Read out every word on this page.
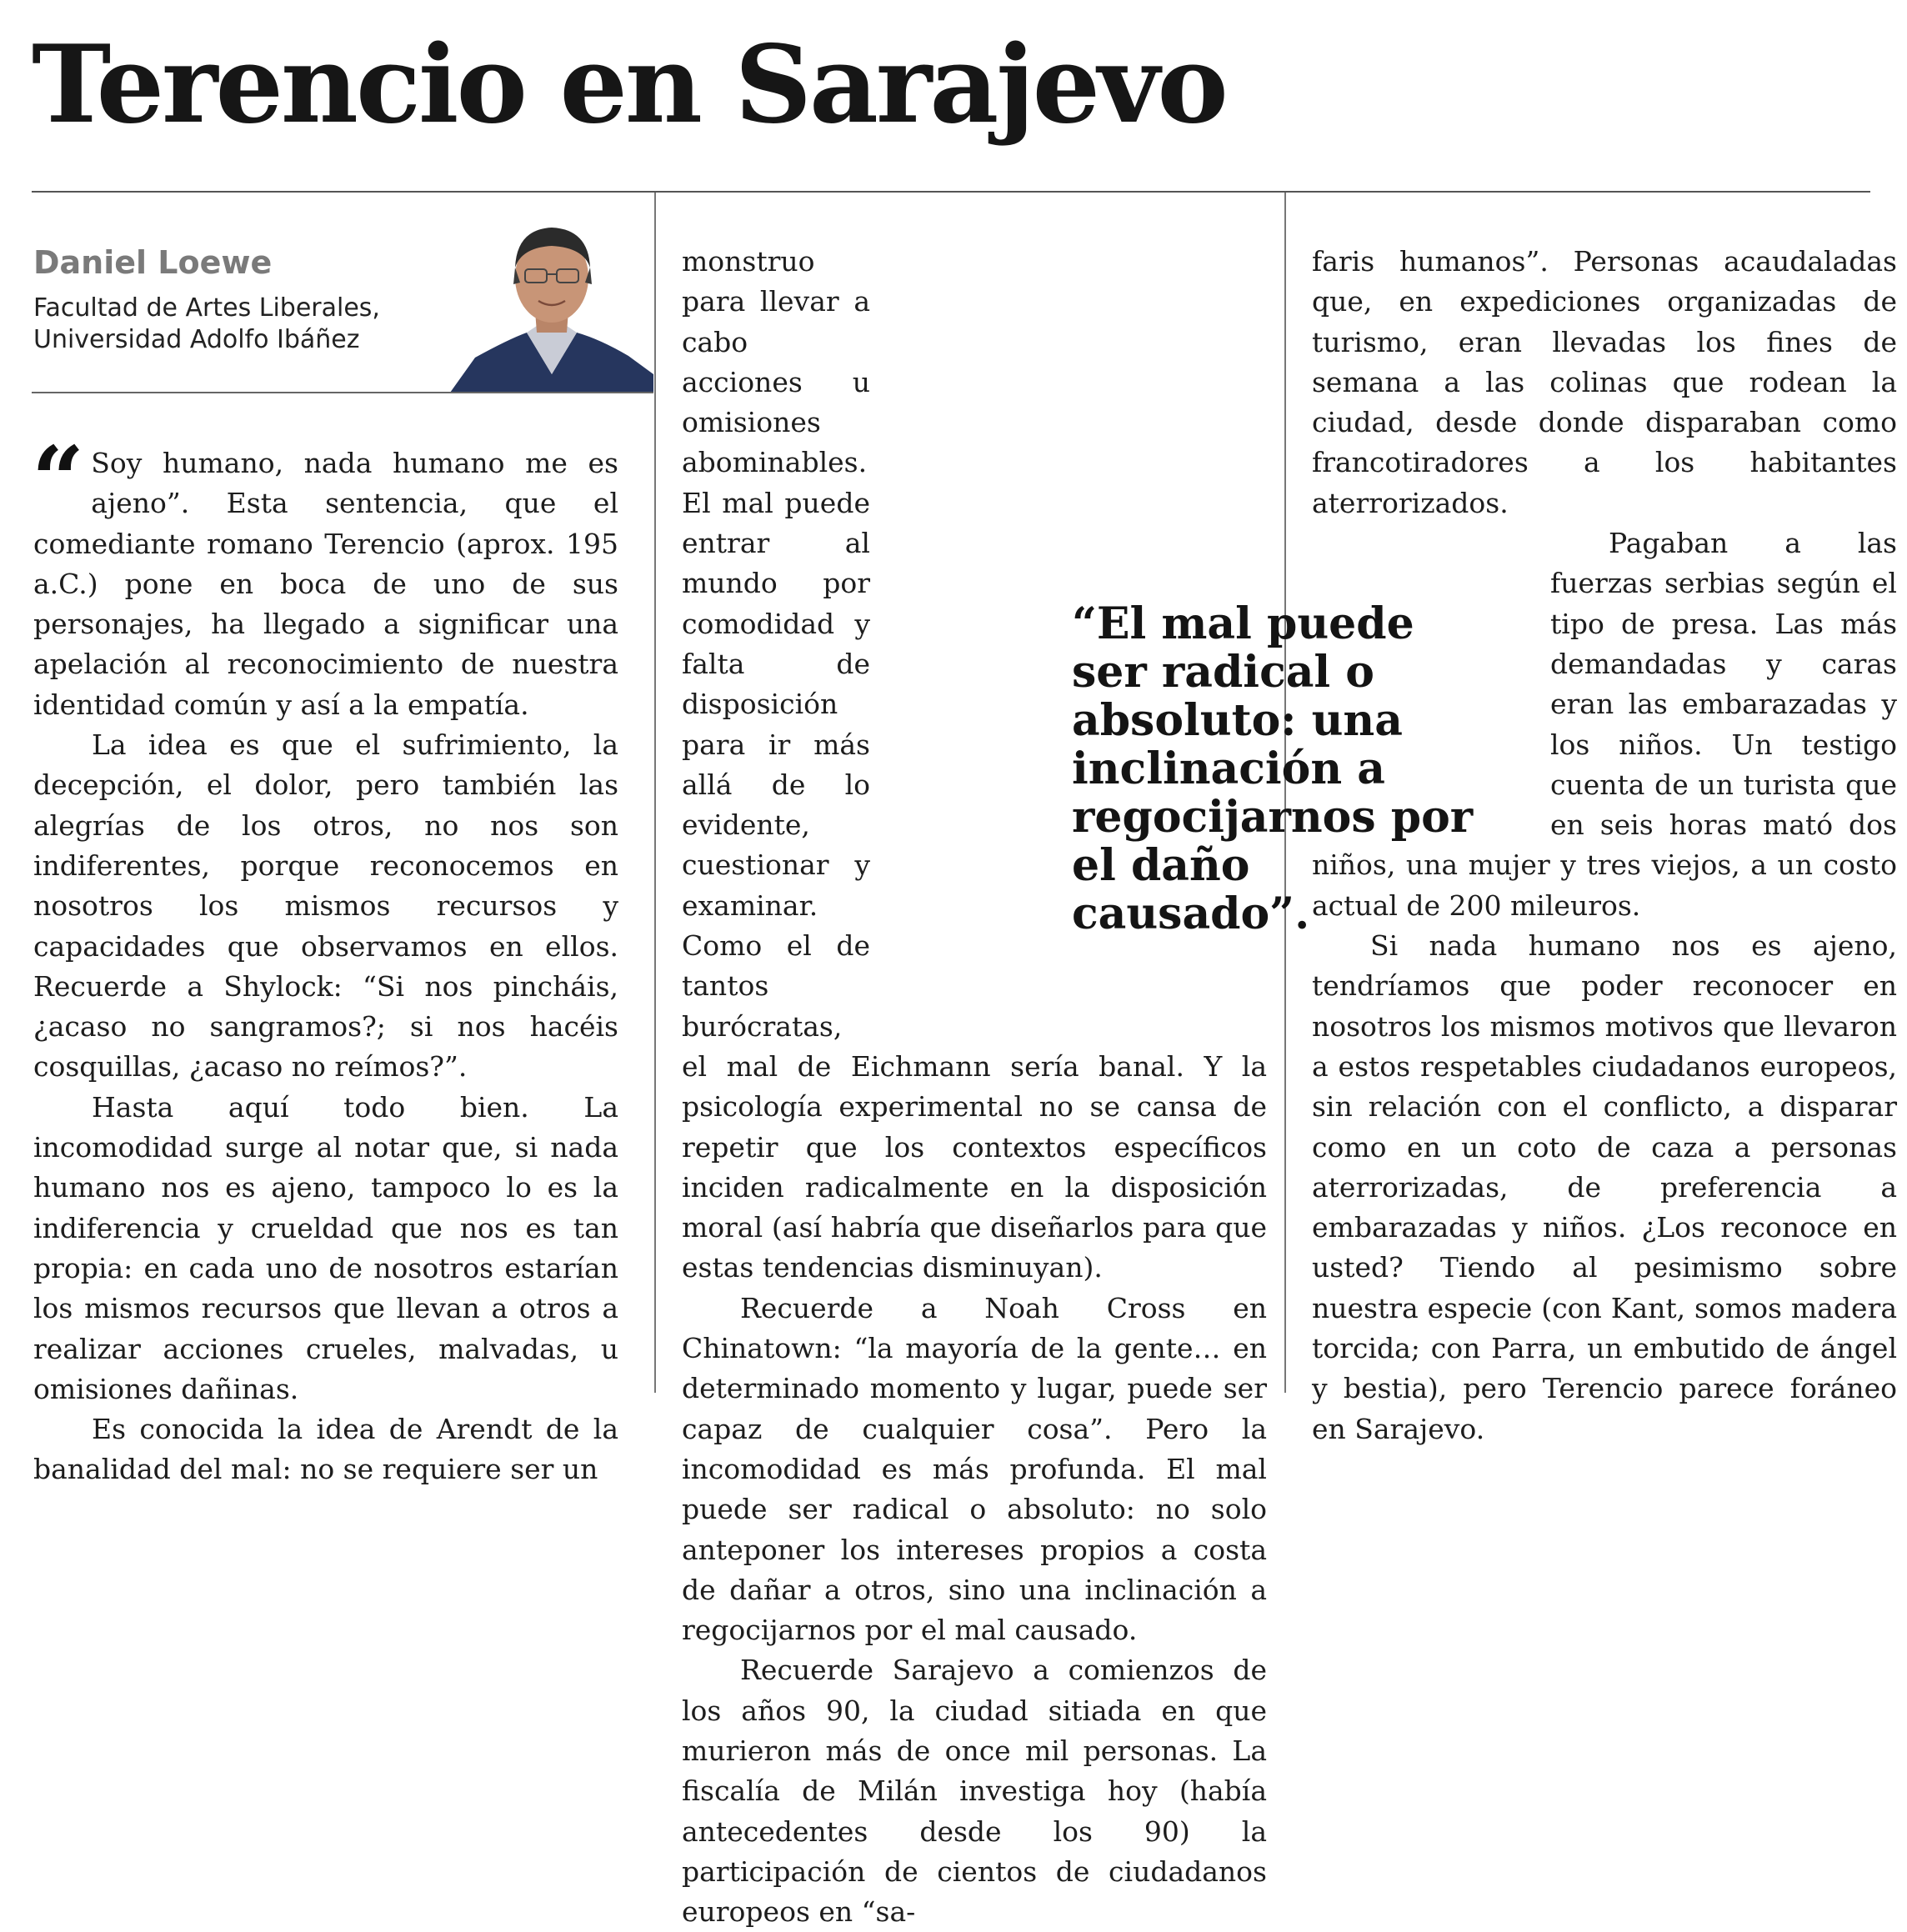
Terencio en Sarajevo
Daniel Loewe
Facultad de Artes Liberales,
Universidad Adolfo Ibáñez

“ Soy humano, nada humano me es ajeno”. Esta sentencia, que el comediante romano Terencio (aprox. 195 a.C.) pone en boca de uno de sus personajes, ha llegado a significar una apelación al reconocimiento de nuestra identidad común y así a la empatía.

La idea es que el sufrimiento, la decepción, el dolor, pero también las alegrías de los otros, no nos son indiferentes, porque reconocemos en nosotros los mismos recursos y capacidades que observamos en ellos. Recuerde a Shylock: “Si nos pincháis, ¿acaso no sangramos?; si nos hacéis cosquillas, ¿acaso no reímos?”.

Hasta aquí todo bien. La incomodidad surge al notar que, si nada humano nos es ajeno, tampoco lo es la indiferencia y crueldad que nos es tan propia: en cada uno de nosotros estarían los mismos recursos que llevan a otros a realizar acciones crueles, malvadas, u omisiones dañinas.

Es conocida la idea de Arendt de la banalidad del mal: no se requiere ser un

monstruo para llevar a cabo acciones u omisiones abominables. El mal puede entrar al mundo por comodidad y falta de disposición para ir más allá de lo evidente, cuestionar y examinar. Como el de tantos burócratas, el mal de Eichmann sería banal. Y la psicología experimental no se cansa de repetir que los contextos específicos inciden radicalmente en la disposición moral (así habría que diseñarlos para que estas tendencias disminuyan).

Recuerde a Noah Cross en Chinatown: “la mayoría de la gente… en determinado momento y lugar, puede ser capaz de cualquier cosa”. Pero la incomodidad es más profunda. El mal puede ser radical o absoluto: no solo anteponer los intereses propios a costa de dañar a otros, sino una inclinación a regocijarnos por el mal causado.

Recuerde Sarajevo a comienzos de los años 90, la ciudad sitiada en que murieron más de once mil personas. La fiscalía de Milán investiga hoy (había antecedentes desde los 90) la participación de cientos de ciudadanos europeos en “sa-

faris humanos”. Personas acaudaladas que, en expediciones organizadas de turismo, eran llevadas los fines de semana a las colinas que rodean la ciudad, desde donde disparaban como francotiradores a los habitantes aterrorizados.

Pagaban a las fuerzas serbias según el tipo de presa. Las más demandadas y caras eran las embarazadas y los niños. Un testigo cuenta de un turista que en seis horas mató dos niños, una mujer y tres viejos, a un costo actual de 200 mileuros.

Si nada humano nos es ajeno, tendríamos que poder reconocer en nosotros los mismos motivos que llevaron a estos respetables ciudadanos europeos, sin relación con el conflicto, a disparar como en un coto de caza a personas aterrorizadas, de preferencia a embarazadas y niños. ¿Los reconoce en usted? Tiendo al pesimismo sobre nuestra especie (con Kant, somos madera torcida; con Parra, un embutido de ángel y bestia), pero Terencio parece foráneo en Sarajevo.

“El mal puede ser radical o absoluto: una inclinación a regocijarnos por el daño causado”.
